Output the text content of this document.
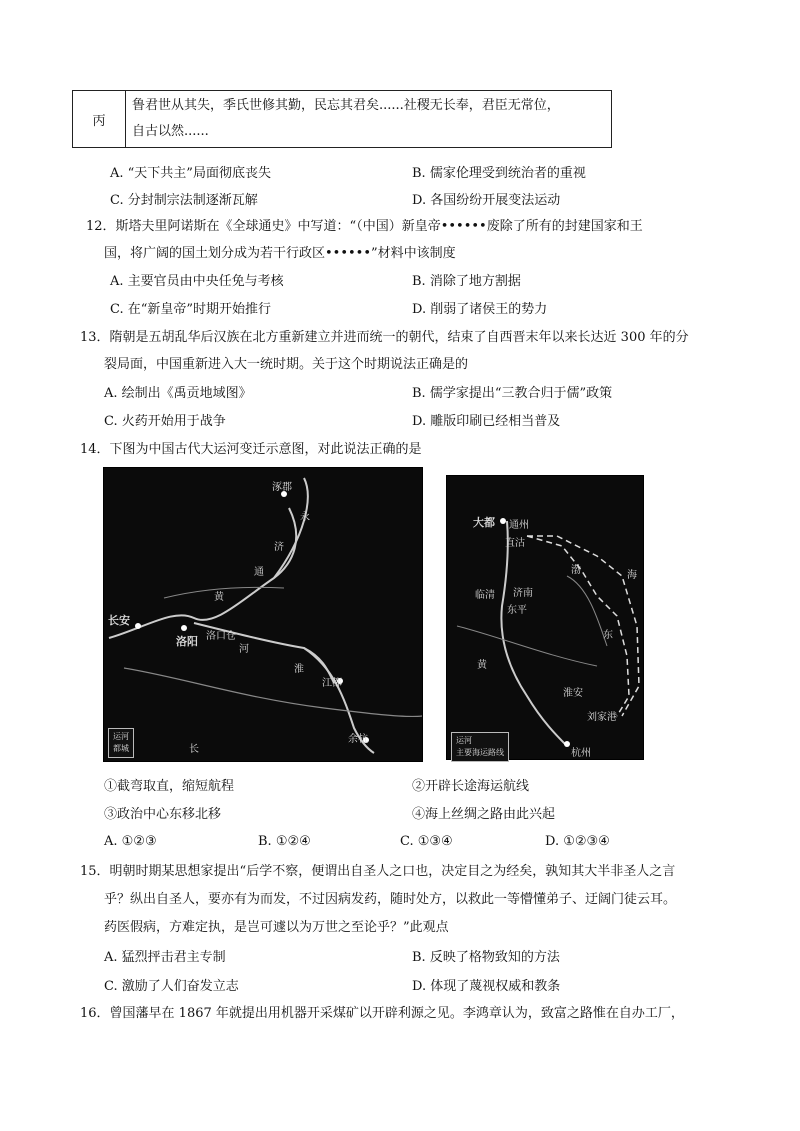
丙	
鲁君世从其失，季氏世修其勤，民忘其君矣......社稷无长奉，君臣无常位，
自古以然......
A. “天下共主”局面彻底丧失	B. 儒家伦理受到统治者的重视
C. 分封制宗法制逐渐瓦解	D. 各国纷纷开展变法运动
12．斯塔夫里阿诺斯在《全球通史》中写道：“（中国）新皇帝••••••废除了所有的封建国家和王
国，将广阔的国土划分成为若干行政区••••••”材料中该制度
A. 主要官员由中央任免与考核	B. 消除了地方割据
C. 在“新皇帝”时期开始推行	D. 削弱了诸侯王的势力
13．隋朝是五胡乱华后汉族在北方重新建立并进而统一的朝代，结束了自西晋末年以来长达近 300 年的分
裂局面，中国重新进入大一统时期。关于这个时期说法正确是的
A. 绘制出《禹贡地域图》	B. 儒学家提出“三教合归于儒”政策
C. 火药开始用于战争	D. 雕版印刷已经相当普及
14．下图为中国古代大运河变迁示意图，对此说法正确的是
涿郡
长安
洛阳 洛口仓
江都
余杭
永
济
通
黄
河
淮
长
运河
都城
大都 通州
直沽
临清 济南
东平
淮安
刘家港
杭州
黄
渤	海
东
运河
主要海运路线
①截弯取直，缩短航程	②开辟长途海运航线
③政治中心东移北移	④海上丝绸之路由此兴起
A. ①②③	B. ①②④	C. ①③④	D. ①②③④
15．明朝时期某思想家提出“后学不察，便谓出自圣人之口也，决定目之为经矣，孰知其大半非圣人之言
乎？纵出自圣人，要亦有为而发，不过因病发药，随时处方，以救此一等懵懂弟子、迂阔门徒云耳。
药医假病，方难定执，是岂可遽以为万世之至论乎？”此观点
A. 猛烈抨击君主专制	B. 反映了格物致知的方法
C. 激励了人们奋发立志	D. 体现了蔑视权威和教条
16．曾国藩早在 1867 年就提出用机器开采煤矿以开辟利源之见。李鸿章认为，致富之路惟在自办工厂，
